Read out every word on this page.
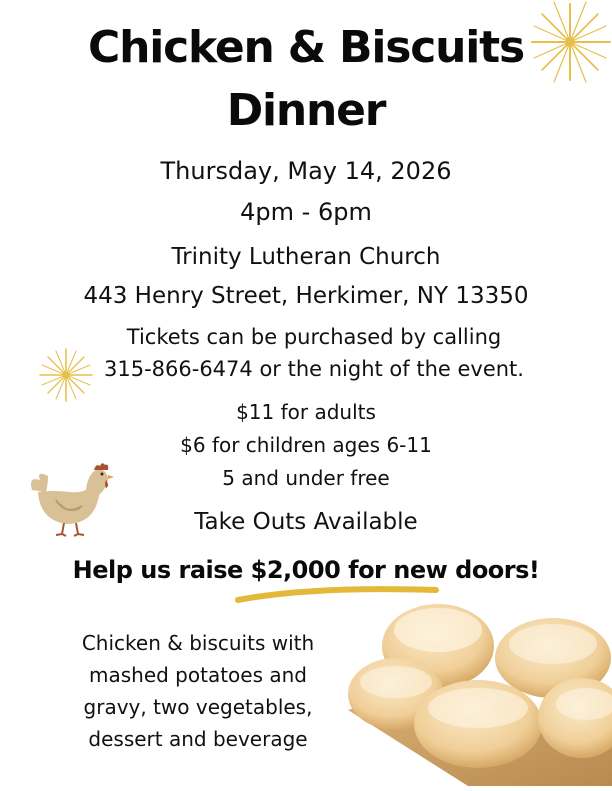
Chicken & Biscuits
Dinner
Thursday, May 14, 2026
4pm - 6pm
Trinity Lutheran Church
443 Henry Street, Herkimer, NY 13350
Tickets can be purchased by calling
315-866-6474 or the night of the event.
$11 for adults
$6 for children ages 6-11
5 and under free
Take Outs Available
Help us raise $2,000 for new doors!
Chicken & biscuits with
mashed potatoes and
gravy, two vegetables,
dessert and beverage
